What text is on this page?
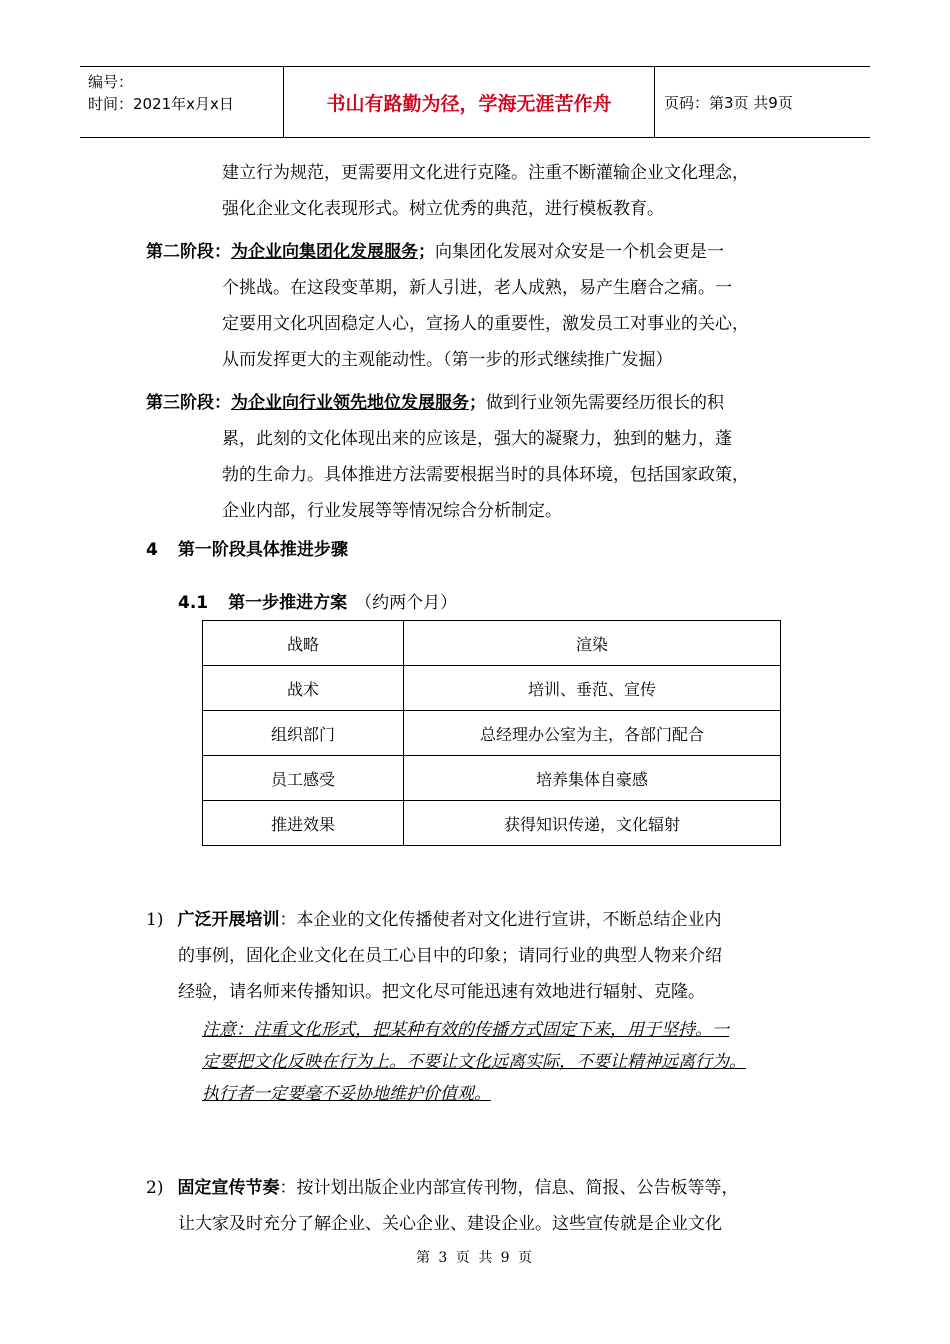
编号：
时间：2021年x月x日	书山有路勤为径，学海无涯苦作舟	页码：第3页 共9页
建立行为规范，更需要用文化进行克隆。注重不断灌输企业文化理念，
强化企业文化表现形式。树立优秀的典范，进行模板教育。
第二阶段：为企业向集团化发展服务；向集团化发展对众安是一个机会更是一
个挑战。在这段变革期，新人引进，老人成熟，易产生磨合之痛。一
定要用文化巩固稳定人心，宣扬人的重要性，激发员工对事业的关心，
从而发挥更大的主观能动性。（第一步的形式继续推广发掘）
第三阶段：为企业向行业领先地位发展服务；做到行业领先需要经历很长的积
累，此刻的文化体现出来的应该是，强大的凝聚力，独到的魅力，蓬
勃的生命力。具体推进方法需要根据当时的具体环境，包括国家政策，
企业内部，行业发展等等情况综合分析制定。
4 第一阶段具体推进步骤
4.1 第一步推进方案 （约两个月）
战略	渲染
战术	培训、垂范、宣传
组织部门	总经理办公室为主，各部门配合
员工感受	培养集体自豪感
推进效果	获得知识传递，文化辐射
1) 广泛开展培训：本企业的文化传播使者对文化进行宣讲，不断总结企业内
的事例，固化企业文化在员工心目中的印象；请同行业的典型人物来介绍
经验，请名师来传播知识。把文化尽可能迅速有效地进行辐射、克隆。
注意：注重文化形式，把某种有效的传播方式固定下来，用于坚持。一
定要把文化反映在行为上。不要让文化远离实际，不要让精神远离行为。
执行者一定要毫不妥协地维护价值观。
2) 固定宣传节奏：按计划出版企业内部宣传刊物，信息、简报、公告板等等，
让大家及时充分了解企业、关心企业、建设企业。这些宣传就是企业文化
第 3 页 共 9 页
